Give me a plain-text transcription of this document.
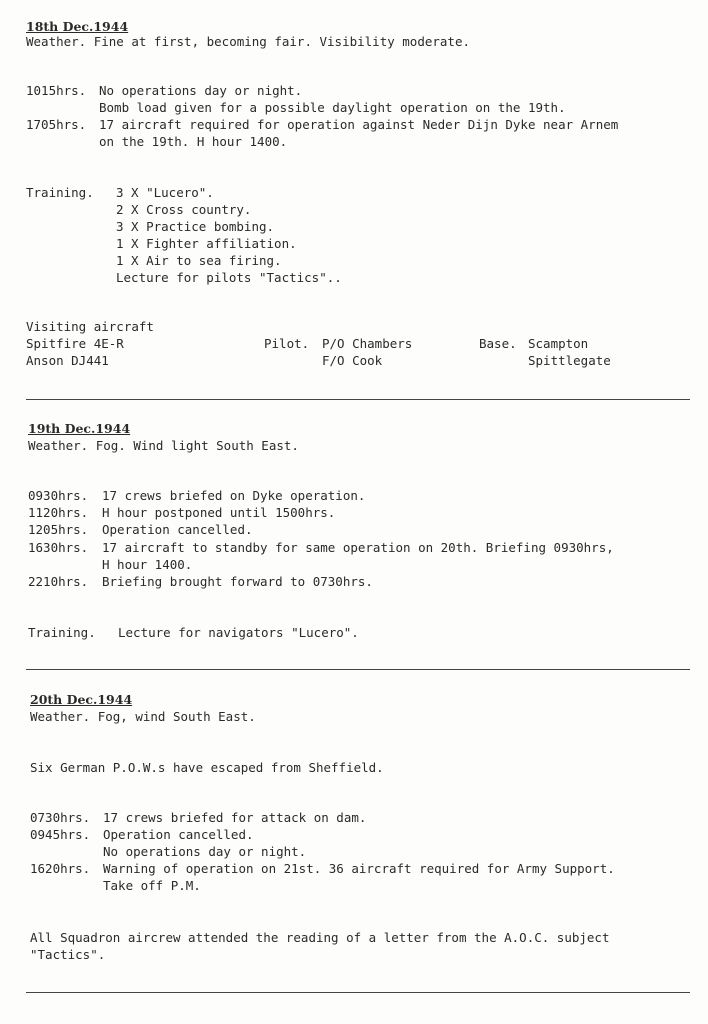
18th Dec.1944
Weather. Fine at first, becoming fair. Visibility moderate.
1015hrs. No operations day or night.
Bomb load given for a possible daylight operation on the 19th.
1705hrs. 17 aircraft required for operation against Neder Dijn Dyke near Arnem
on the 19th. H hour 1400.
Training. 3 X "Lucero".
2 X Cross country.
3 X Practice bombing.
1 X Fighter affiliation.
1 X Air to sea firing.
Lecture for pilots "Tactics"..
Visiting aircraft
Spitfire 4E-R	Pilot. P/O Chambers	Base. Scampton
Anson DJ441	F/O Cook	Spittlegate
19th Dec.1944
Weather. Fog. Wind light South East.
0930hrs. 17 crews briefed on Dyke operation.
1120hrs. H hour postponed until 1500hrs.
1205hrs. Operation cancelled.
1630hrs. 17 aircraft to standby for same operation on 20th. Briefing 0930hrs,
H hour 1400.
2210hrs. Briefing brought forward to 0730hrs.
Training. Lecture for navigators "Lucero".
20th Dec.1944
Weather. Fog, wind South East.
Six German P.O.W.s have escaped from Sheffield.
0730hrs. 17 crews briefed for attack on dam.
0945hrs. Operation cancelled.
No operations day or night.
1620hrs. Warning of operation on 21st. 36 aircraft required for Army Support.
Take off P.M.
All Squadron aircrew attended the reading of a letter from the A.O.C. subject
"Tactics".
